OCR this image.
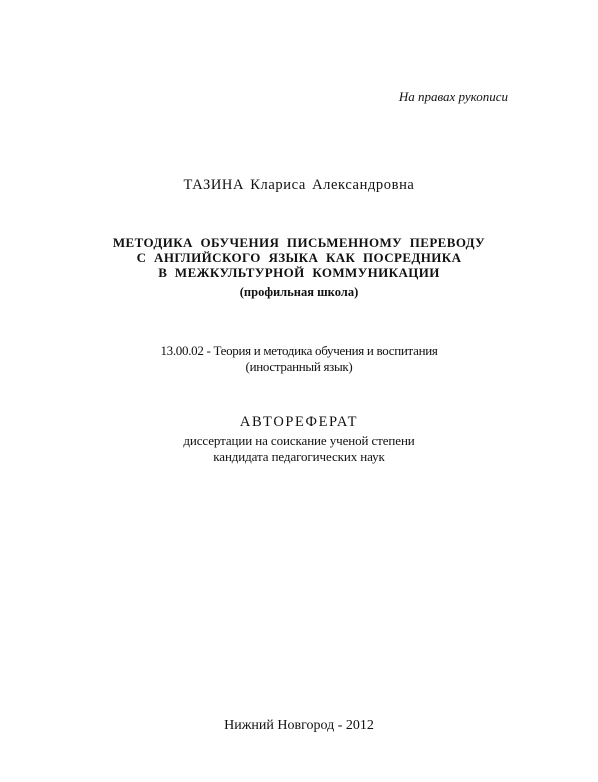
На правах рукописи
ТАЗИНА Клариса Александровна
МЕТОДИКА ОБУЧЕНИЯ ПИСЬМЕННОМУ ПЕРЕВОДУ
С АНГЛИЙСКОГО ЯЗЫКА КАК ПОСРЕДНИКА
В МЕЖКУЛЬТУРНОЙ КОММУНИКАЦИИ
(профильная школа)
13.00.02 - Теория и методика обучения и воспитания
(иностранный язык)
АВТОРЕФЕРАТ
диссертации на соискание ученой степени
кандидата педагогических наук
Нижний Новгород - 2012
